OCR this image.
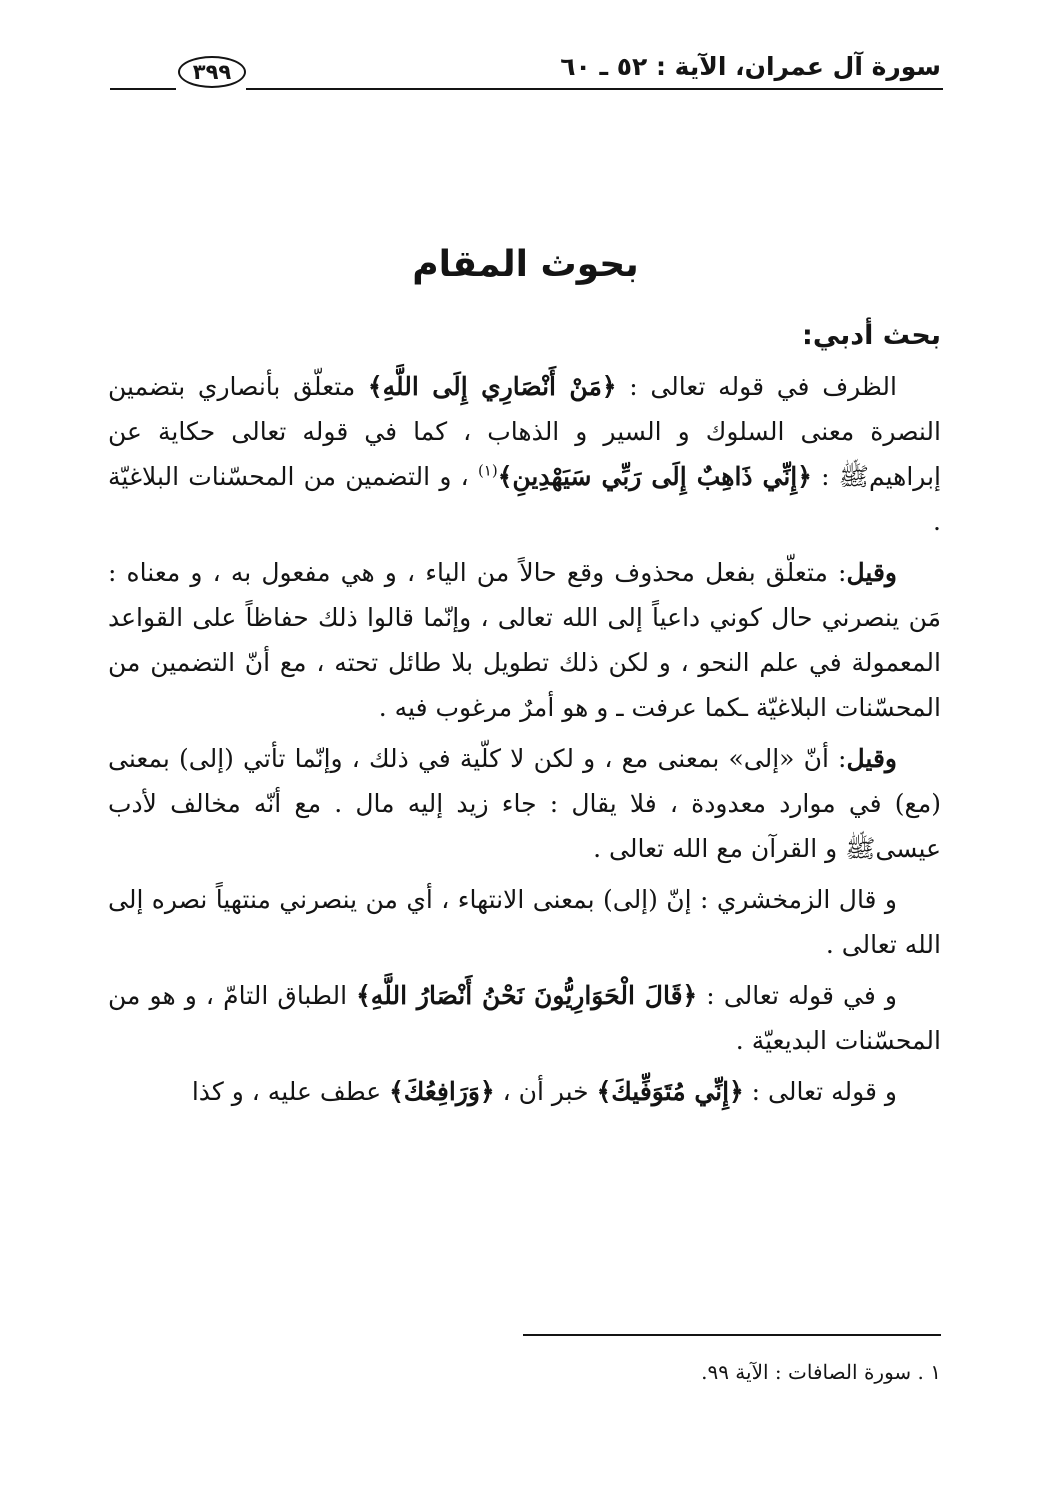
سورة آل عمران، الآية : ٥٢ ـ ٦٠
٣٩٩
بحوث المقام
بحث أدبي:

الظرف في قوله تعالى : ﴿مَنْ أَنْصَارِي إِلَى اللَّهِ﴾ متعلّق بأنصاري بتضمين النصرة معنى السلوك و السير و الذهاب ، كما في قوله تعالى حكاية عن إبراهيمﷺ : ﴿إِنِّي ذَاهِبٌ إِلَى رَبِّي سَيَهْدِينِ﴾$^{(١)}$ ، و التضمين من المحسّنات البلاغيّة .

وقيل: متعلّق بفعل محذوف وقع حالاً من الياء ، و هي مفعول به ، و معناه : مَن ينصرني حال كوني داعياً إلى الله تعالى ، وإنّما قالوا ذلك حفاظاً على القواعد المعمولة في علم النحو ، و لكن ذلك تطويل بلا طائل تحته ، مع أنّ التضمين من المحسّنات البلاغيّة ـكما عرفت ـ و هو أمرٌ مرغوب فيه .

وقيل: أنّ «إلى» بمعنى مع ، و لكن لا كلّية في ذلك ، وإنّما تأتي (إلى) بمعنى (مع) في موارد معدودة ، فلا يقال : جاء زيد إليه مال . مع أنّه مخالف لأدب عيسىﷺ و القرآن مع الله تعالى .

و قال الزمخشري : إنّ (إلى) بمعنى الانتهاء ، أي من ينصرني منتهياً نصره إلى الله تعالى .

و في قوله تعالى : ﴿قَالَ الْحَوَارِيُّونَ نَحْنُ أَنْصَارُ اللَّهِ﴾ الطباق التامّ ، و هو من المحسّنات البديعيّة .

و قوله تعالى : ﴿إِنِّي مُتَوَفِّيكَ﴾ خبر أن ، ﴿وَرَافِعُكَ﴾ عطف عليه ، و كذا

١ . سورة الصافات : الآية ٩٩.
